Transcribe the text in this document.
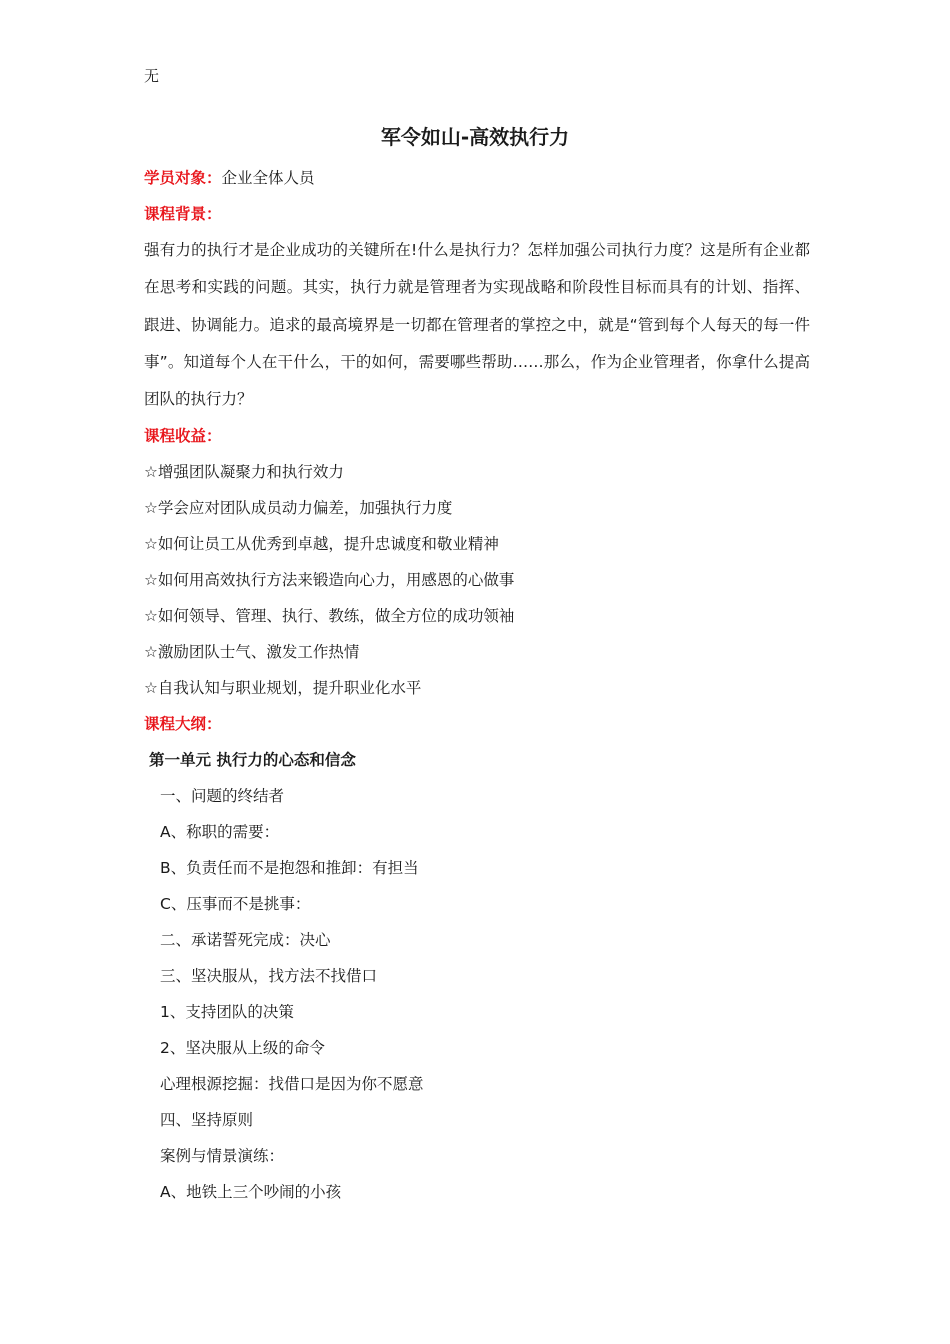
无
军令如山-高效执行力
学员对象：企业全体人员
课程背景：

强有力的执行才是企业成功的关键所在!什么是执行力？怎样加强公司执行力度？这是所有企业都在思考和实践的问题。其实，执行力就是管理者为实现战略和阶段性目标而具有的计划、指挥、跟进、协调能力。追求的最高境界是一切都在管理者的掌控之中，就是“管到每个人每天的每一件事”。知道每个人在干什么，干的如何，需要哪些帮助……那么，作为企业管理者，你拿什么提高团队的执行力？

课程收益：
☆增强团队凝聚力和执行效力
☆学会应对团队成员动力偏差，加强执行力度
☆如何让员工从优秀到卓越，提升忠诚度和敬业精神
☆如何用高效执行方法来锻造向心力，用感恩的心做事
☆如何领导、管理、执行、教练，做全方位的成功领袖
☆激励团队士气、激发工作热情
☆自我认知与职业规划，提升职业化水平
课程大纲：
第一单元 执行力的心态和信念
一、问题的终结者
A、称职的需要：
B、负责任而不是抱怨和推卸：有担当
C、压事而不是挑事：
二、承诺誓死完成：决心
三、坚决服从，找方法不找借口
1、支持团队的决策
2、坚决服从上级的命令
心理根源挖掘：找借口是因为你不愿意
四、坚持原则
案例与情景演练：
A、地铁上三个吵闹的小孩
